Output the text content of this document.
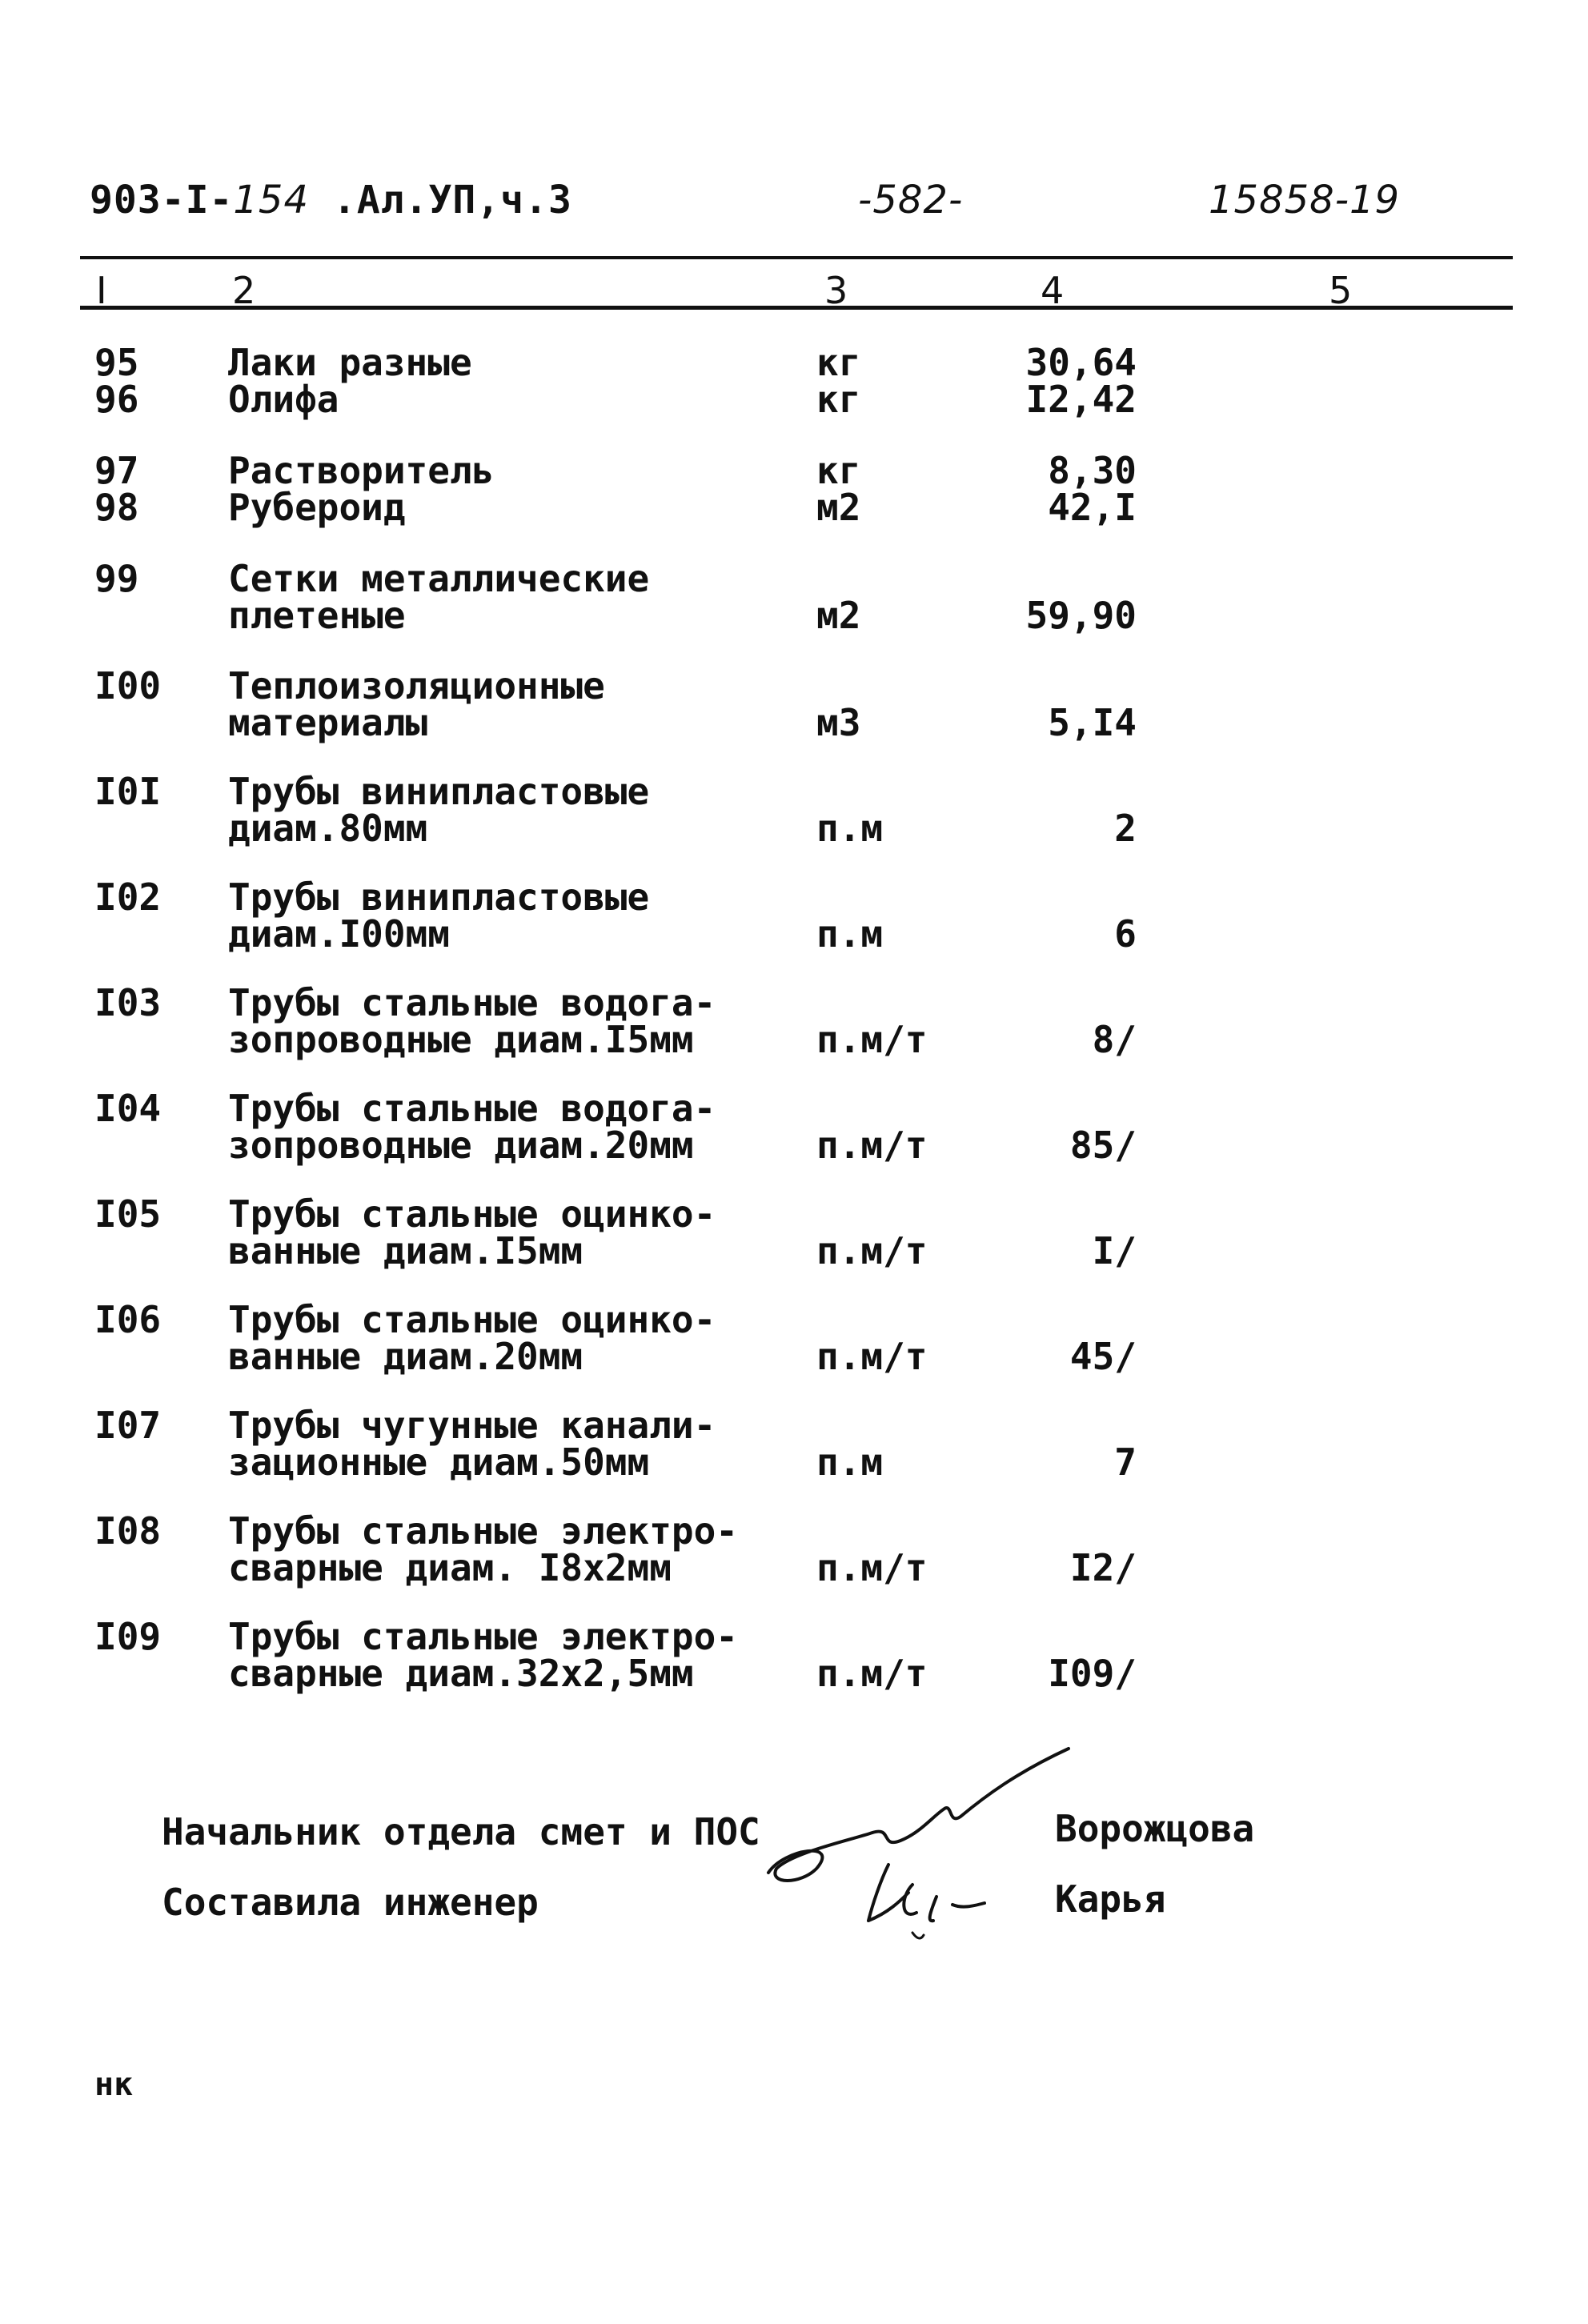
903-I-154 .Ал.УП,ч.3	-582-	15858-19
I	2	3	4	5
95 Лаки разные	кг	30,64
96 Олифа	кг	I2,42
97 Растворитель	кг	8,30
98 Рубероид	м2	42,I
99 Сетки металлические
плетеные	м2	59,90
I00 Теплоизоляционные
материалы	м3	5,I4
I0I Трубы винипластовые
диам.80мм	п.м	2
I02 Трубы винипластовые
диам.I00мм	п.м	6
I03 Трубы стальные водога-
зопроводные диам.I5мм	п.м/т	8/
I04 Трубы стальные водога-
зопроводные диам.20мм	п.м/т	85/
I05 Трубы стальные оцинко-
ванные диам.I5мм	п.м/т	I/
I06 Трубы стальные оцинко-
ванные диам.20мм	п.м/т	45/
I07 Трубы чугунные канали-
зационные диам.50мм	п.м	7
I08 Трубы стальные электро-
сварные диам. I8x2мм	п.м/т	I2/
I09 Трубы стальные электро-
сварные диам.32x2,5мм	п.м/т	I09/
Начальник отдела смет и ПОС	Ворожцова
Составила инженер	Карья
нк
